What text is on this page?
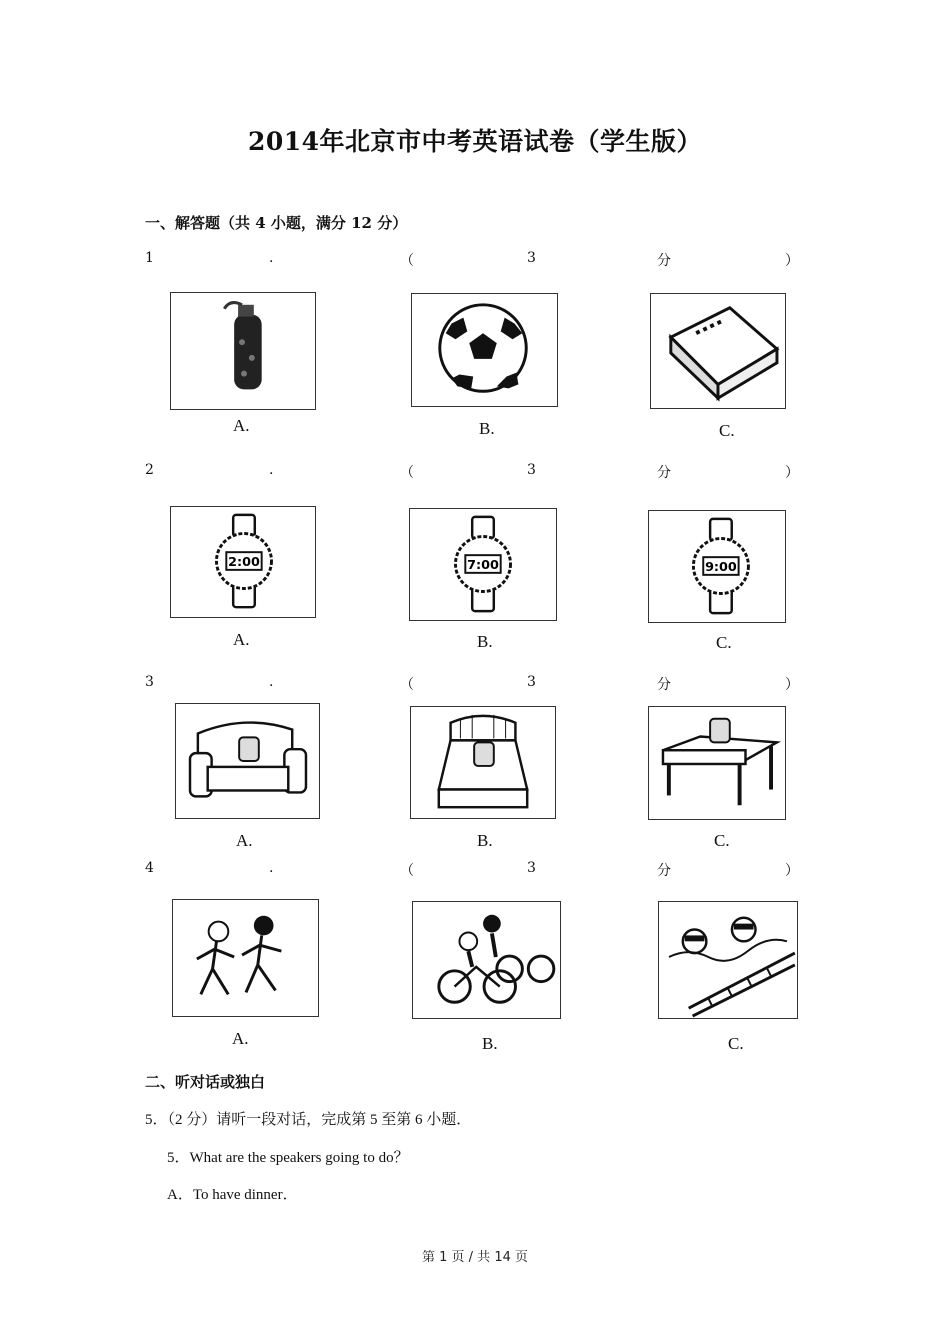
2014年北京市中考英语试卷（学生版）
一、解答题（共 4 小题，满分 12 分）
1	.	（	3	分	）
2	.	（	3	分	）
3	.	（	3	分	）
4	.	（	3	分	）
▪ ▪ ▪ ▪
A.	B.	C.
2:00	7:00	9:00
A.	B.	C.
A.	B.	C.
A.	B.	C.
二、听对话或独白
5．（2 分）请听一段对话，完成第 5 至第 6 小题．
5．What are the speakers going to do？
A．To have dinner．
第 1 页 / 共 14 页
